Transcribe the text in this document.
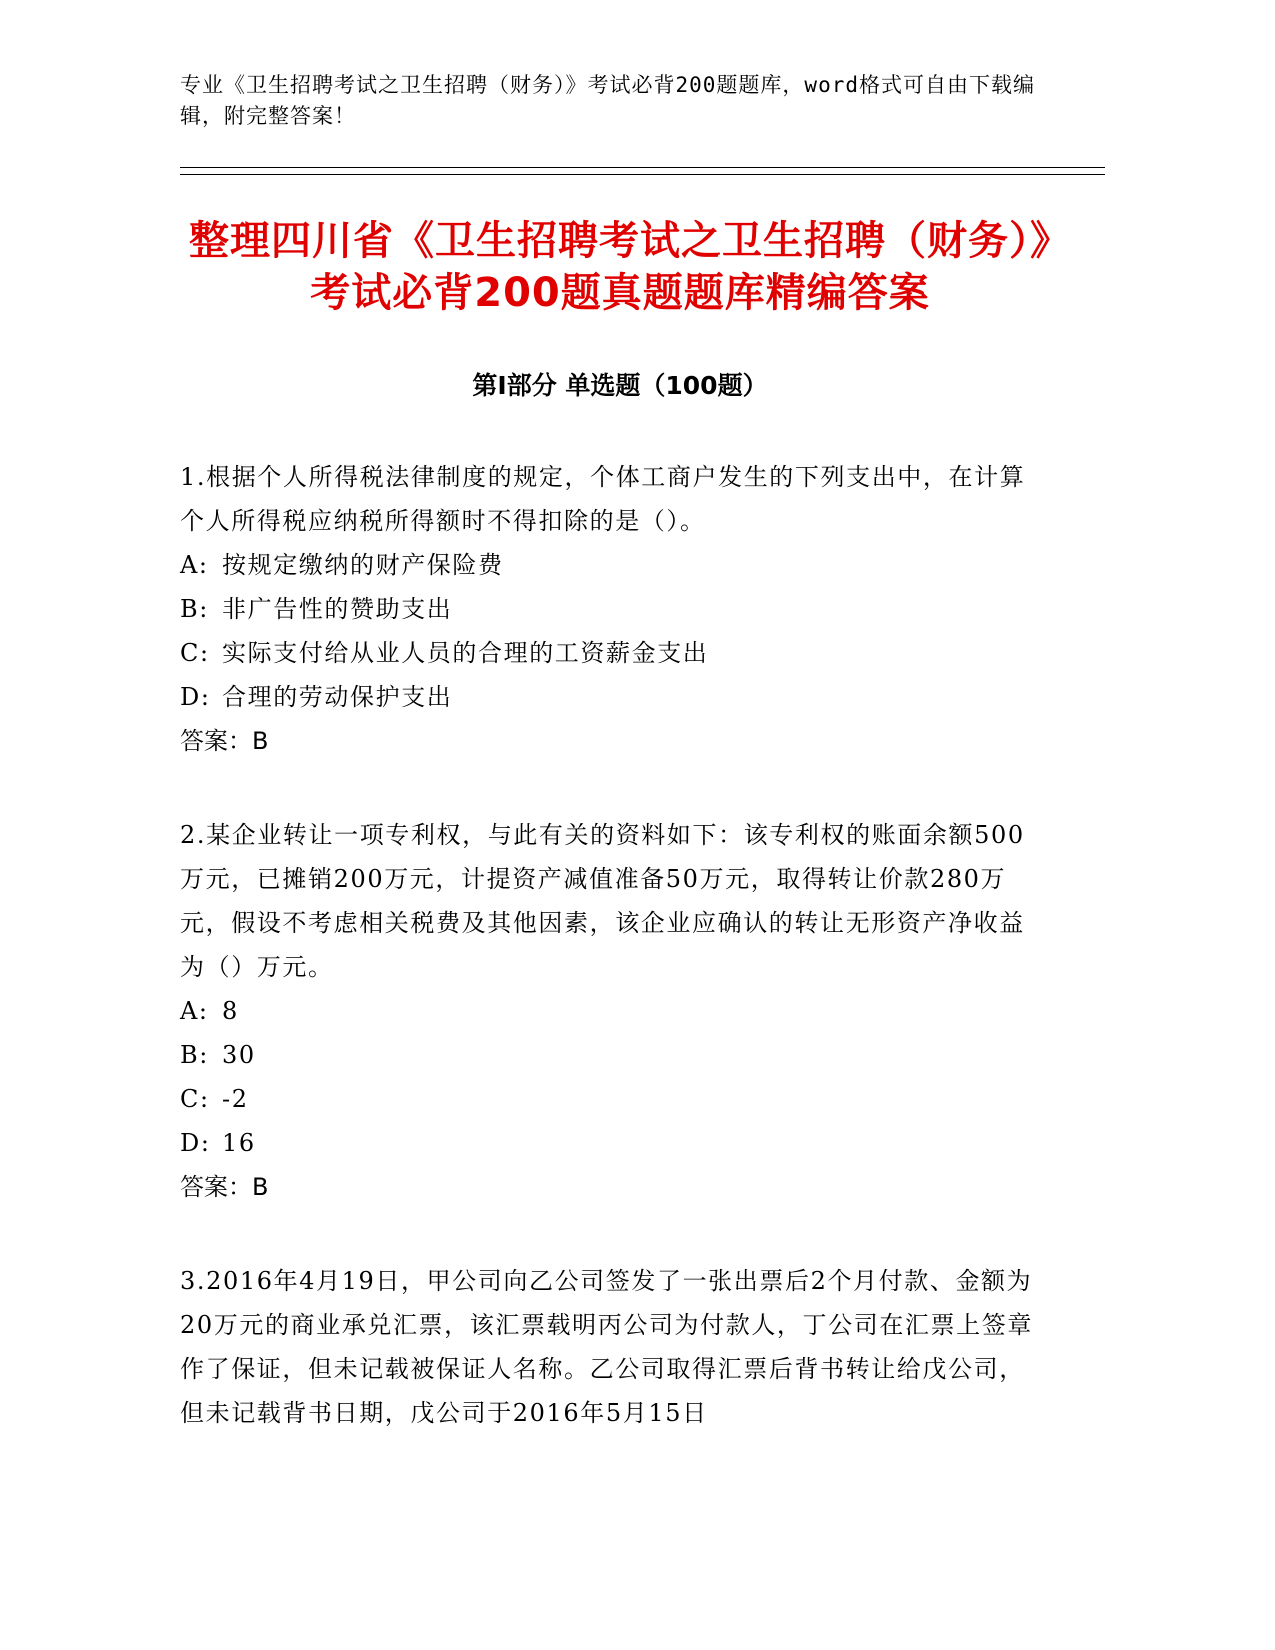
专业《卫生招聘考试之卫生招聘（财务）》考试必背200题题库，word格式可自由下载编辑，附完整答案！

整理四川省《卫生招聘考试之卫生招聘（财务）》考试必背200题真题题库精编答案
第I部分 单选题（100题）

1.根据个人所得税法律制度的规定，个体工商户发生的下列支出中，在计算个人所得税应纳税所得额时不得扣除的是（）。

A: 按规定缴纳的财产保险费
B: 非广告性的赞助支出
C: 实际支付给从业人员的合理的工资薪金支出
D: 合理的劳动保护支出

答案：B

2.某企业转让一项专利权，与此有关的资料如下：该专利权的账面余额500万元，已摊销200万元，计提资产减值准备50万元，取得转让价款280万元，假设不考虑相关税费及其他因素，该企业应确认的转让无形资产净收益为（）万元。

A: 8
B: 30
C: -2
D: 16

答案：B

3.2016年4月19日，甲公司向乙公司签发了一张出票后2个月付款、金额为20万元的商业承兑汇票，该汇票载明丙公司为付款人，丁公司在汇票上签章作了保证，但未记载被保证人名称。乙公司取得汇票后背书转让给戊公司，但未记载背书日期，戊公司于2016年5月15日
